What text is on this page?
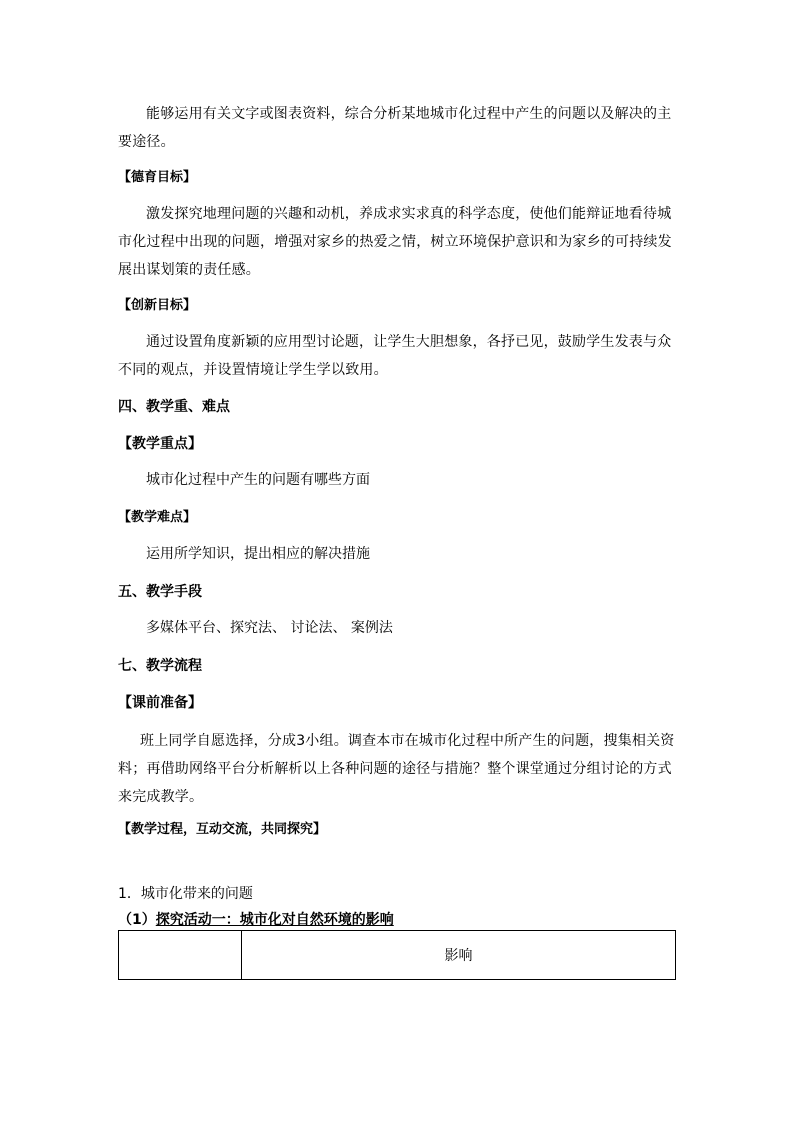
能够运用有关文字或图表资料，综合分析某地城市化过程中产生的问题以及解决的主要途径。

【德育目标】

激发探究地理问题的兴趣和动机，养成求实求真的科学态度，使他们能辩证地看待城市化过程中出现的问题，增强对家乡的热爱之情，树立环境保护意识和为家乡的可持续发展出谋划策的责任感。

【创新目标】

通过设置角度新颖的应用型讨论题，让学生大胆想象，各抒已见，鼓励学生发表与众不同的观点，并设置情境让学生学以致用。

四、教学重、难点

【教学重点】

城市化过程中产生的问题有哪些方面

【教学难点】

运用所学知识，提出相应的解决措施

五、教学手段

多媒体平台、探究法、 讨论法、 案例法

七、教学流程

【课前准备】

班上同学自愿选择，分成3小组。调查本市在城市化过程中所产生的问题，搜集相关资料；再借助网络平台分析解析以上各种问题的途径与措施？整个课堂通过分组讨论的方式来完成教学。

【教学过程，互动交流，共同探究】

1．城市化带来的问题

（1）探究活动一：城市化对自然环境的影响

	影响
